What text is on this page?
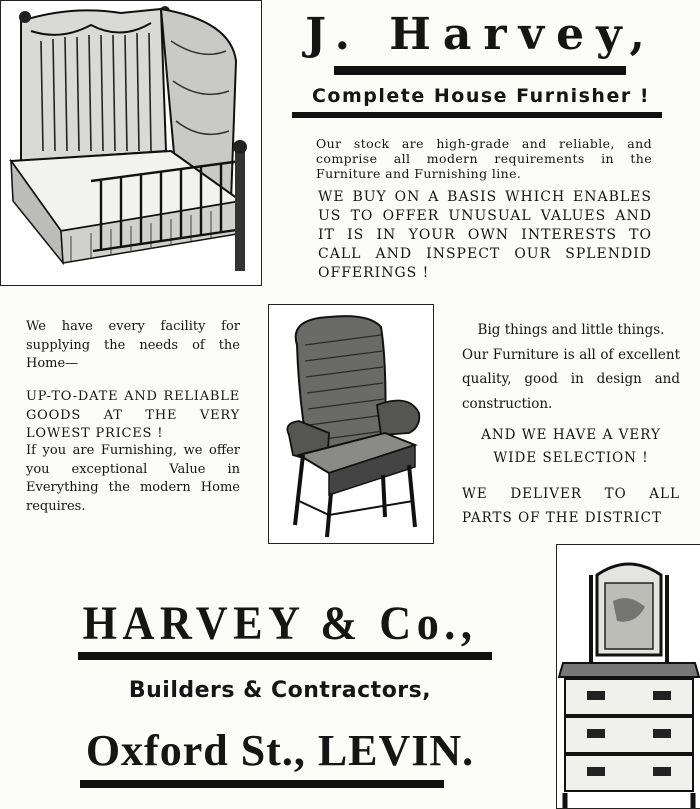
J. Harvey,
Complete House Furnisher !
Our stock are high-grade and reliable, and comprise all modern requirements in the Furniture and Furnishing line.
WE BUY ON A BASIS WHICH ENABLES US TO OFFER UNUSUAL VALUES AND IT IS IN YOUR OWN INTERESTS TO CALL AND INSPECT OUR SPLENDID OFFERINGS !
We have every facility for supplying the needs of the Home—
UP-TO-DATE AND RELIABLE GOODS AT THE VERY LOWEST PRICES !
If you are Furnishing, we offer you exceptional Value in Everything the modern Home requires.

Big things and little things.

Our Furniture is all of excellent quality, good in design and construction.

AND WE HAVE A VERY WIDE SELECTION !
WE DELIVER TO ALL PARTS OF THE DISTRICT
HARVEY & Co.,
Builders & Contractors,
Oxford St., LEVIN.
